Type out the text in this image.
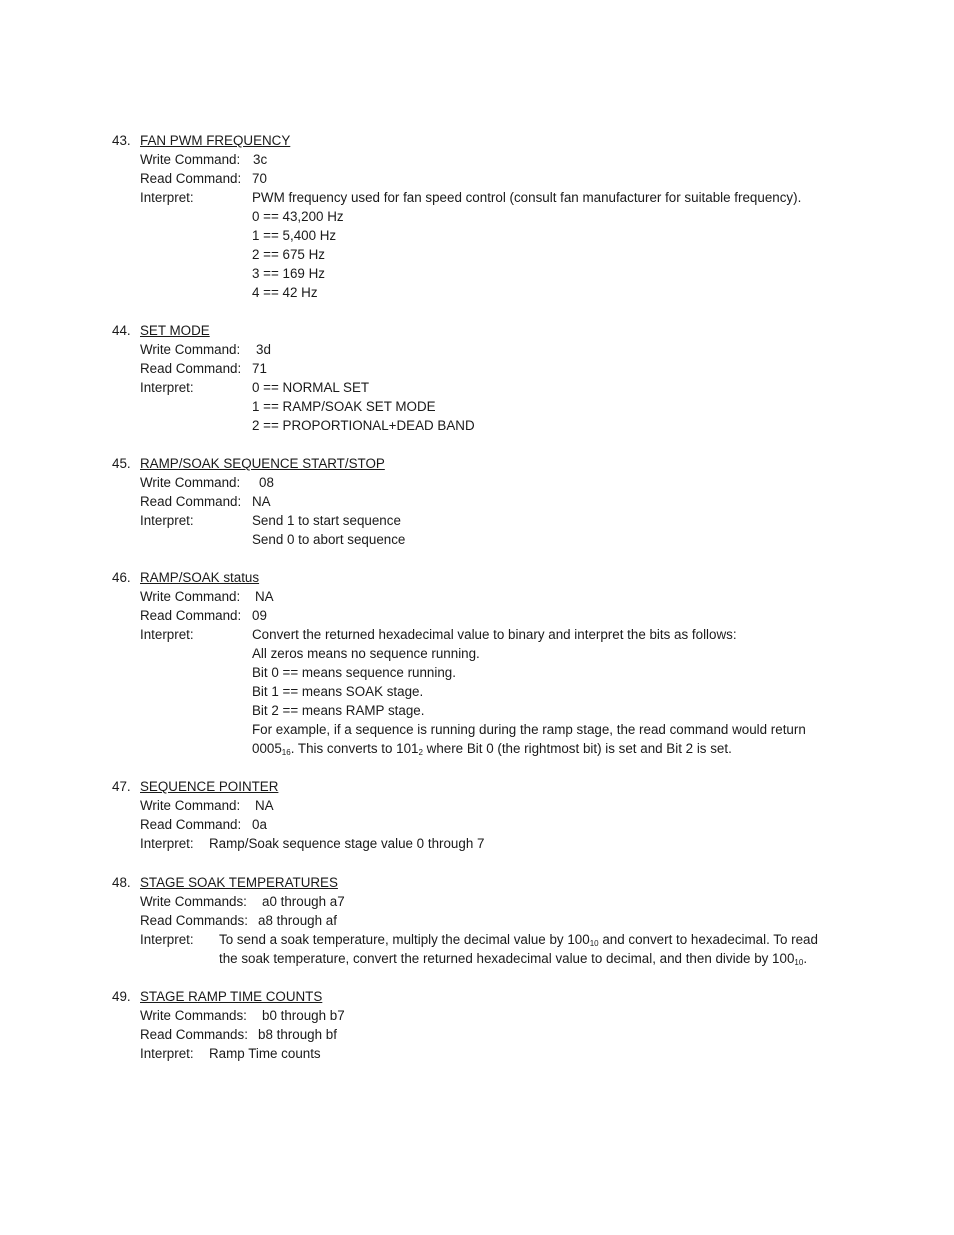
43. FAN PWM FREQUENCY
Write Command: 3c
Read Command: 70
Interpret:	PWM frequency used for fan speed control (consult fan manufacturer for suitable frequency).
0 == 43,200 Hz
1 == 5,400 Hz
2 == 675 Hz
3 == 169 Hz
4 == 42 Hz
44. SET MODE
Write Command: 3d
Read Command: 71
Interpret:	0 == NORMAL SET
1 == RAMP/SOAK SET MODE
2 == PROPORTIONAL+DEAD BAND
45. RAMP/SOAK SEQUENCE START/STOP
Write Command: 08
Read Command: NA
Interpret:	Send 1 to start sequence
Send 0 to abort sequence
46. RAMP/SOAK status
Write Command: NA
Read Command: 09
Interpret:	Convert the returned hexadecimal value to binary and interpret the bits as follows:
All zeros means no sequence running.
Bit 0 == means sequence running.
Bit 1 == means SOAK stage.
Bit 2 == means RAMP stage.
For example, if a sequence is running during the ramp stage, the read command would return
$0005_{16}$. This converts to $101_2$ where Bit 0 (the rightmost bit) is set and Bit 2 is set.
47. SEQUENCE POINTER
Write Command: NA
Read Command: 0a
Interpret: Ramp/Soak sequence stage value 0 through 7
48. STAGE SOAK TEMPERATURES
Write Commands: a0 through a7
Read Commands: a8 through af
Interpret: To send a soak temperature, multiply the decimal value by $100_{10}$ and convert to hexadecimal. To read
the soak temperature, convert the returned hexadecimal value to decimal, and then divide by $100_{10}$.
49. STAGE RAMP TIME COUNTS
Write Commands: b0 through b7
Read Commands: b8 through bf
Interpret: Ramp Time counts
